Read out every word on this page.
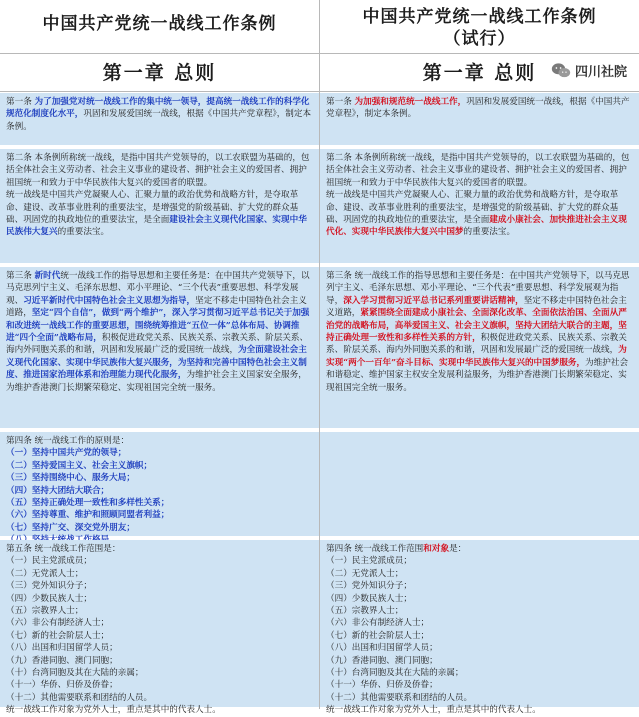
中国共产党统一战线工作条例
第一章 总则

第一条 为了加强党对统一战线工作的集中统一领导，提高统一战线工作的科学化规范化制度化水平，巩固和发展爱国统一战线，根据《中国共产党章程》，制定本条例。

第二条 本条例所称统一战线，是指中国共产党领导的，以工农联盟为基础的，包括全体社会主义劳动者、社会主义事业的建设者、拥护社会主义的爱国者、拥护祖国统一和致力于中华民族伟大复兴的爱国者的联盟。

统一战线是中国共产党凝聚人心、汇聚力量的政治优势和战略方针，是夺取革命、建设、改革事业胜利的重要法宝，是增强党的阶级基础、扩大党的群众基础、巩固党的执政地位的重要法宝，是全面建设社会主义现代化国家、实现中华民族伟大复兴的重要法宝。

第三条 新时代统一战线工作的指导思想和主要任务是：在中国共产党领导下，以马克思列宁主义、毛泽东思想、邓小平理论、“三个代表”重要思想、科学发展观、习近平新时代中国特色社会主义思想为指导，坚定不移走中国特色社会主义道路，坚定“四个自信”，做到“两个维护”，深入学习贯彻习近平总书记关于加强和改进统一战线工作的重要思想，围绕统筹推进“五位一体”总体布局、协调推进“四个全面”战略布局，积极促进政党关系、民族关系、宗教关系、阶层关系、海内外同胞关系的和谐，巩固和发展最广泛的爱国统一战线，为全面建设社会主义现代化国家、实现中华民族伟大复兴服务，为坚持和完善中国特色社会主义制度、推进国家治理体系和治理能力现代化服务，为维护社会主义国家安全服务，为维护香港澳门长期繁荣稳定、实现祖国完全统一服务。

第四条 统一战线工作的原则是：

（一）坚持中国共产党的领导；

（二）坚持爱国主义、社会主义旗帜；

（三）坚持围绕中心、服务大局；

（四）坚持大团结大联合；

（五）坚持正确处理一致性和多样性关系；

（六）坚持尊重、维护和照顾同盟者利益；

（七）坚持广交、深交党外朋友；

第五条 统一战线工作范围是：

（一）民主党派成员；

（二）无党派人士；

（三）党外知识分子；

（四）少数民族人士；

（五）宗教界人士；

（六）非公有制经济人士；

（七）新的社会阶层人士；

（八）出国和归国留学人员；

（九）香港同胞、澳门同胞；

（十）台湾同胞及其在大陆的亲属；

（十一）华侨、归侨及侨眷；

（十二）其他需要联系和团结的人员。

统一战线工作对象为党外人士，重点是其中的代表人士。

中国共产党统一战线工作条例
（试行）
第一章 总则

第一条 为加强和规范统一战线工作，巩固和发展爱国统一战线，根据《中国共产党章程》，制定本条例。

第二条 本条例所称统一战线，是指中国共产党领导的，以工农联盟为基础的，包括全体社会主义劳动者、社会主义事业的建设者、拥护社会主义的爱国者、拥护祖国统一和致力于中华民族伟大复兴的爱国者的联盟。

统一战线是中国共产党凝聚人心、汇聚力量的政治优势和战略方针，是夺取革命、建设、改革事业胜利的重要法宝，是增强党的阶级基础、扩大党的群众基础、巩固党的执政地位的重要法宝，是全面建成小康社会、加快推进社会主义现代化、实现中华民族伟大复兴中国梦的重要法宝。

第三条 统一战线工作的指导思想和主要任务是：在中国共产党领导下，以马克思列宁主义、毛泽东思想、邓小平理论、“三个代表”重要思想、科学发展观为指导，深入学习贯彻习近平总书记系列重要讲话精神，坚定不移走中国特色社会主义道路，紧紧围绕全面建成小康社会、全面深化改革、全面依法治国、全面从严治党的战略布局，高举爱国主义、社会主义旗帜，坚持大团结大联合的主题，坚持正确处理一致性和多样性关系的方针，积极促进政党关系、民族关系、宗教关系、阶层关系、海内外同胞关系的和谐，巩固和发展最广泛的爱国统一战线，为实现“两个一百年”奋斗目标、实现中华民族伟大复兴的中国梦服务，为维护社会和谐稳定、维护国家主权安全发展利益服务，为维护香港澳门长期繁荣稳定、实现祖国完全统一服务。

第四条 统一战线工作范围和对象是：

（一）民主党派成员；

（二）无党派人士；

（三）党外知识分子；

（四）少数民族人士；

（五）宗教界人士；

（六）非公有制经济人士；

（七）新的社会阶层人士；

（八）出国和归国留学人员；

（九）香港同胞、澳门同胞；

（十）台湾同胞及其在大陆的亲属；

（十一）华侨、归侨及侨眷；

（十二）其他需要联系和团结的人员。

统一战线工作对象为党外人士，重点是其中的代表人士。

四川社院
